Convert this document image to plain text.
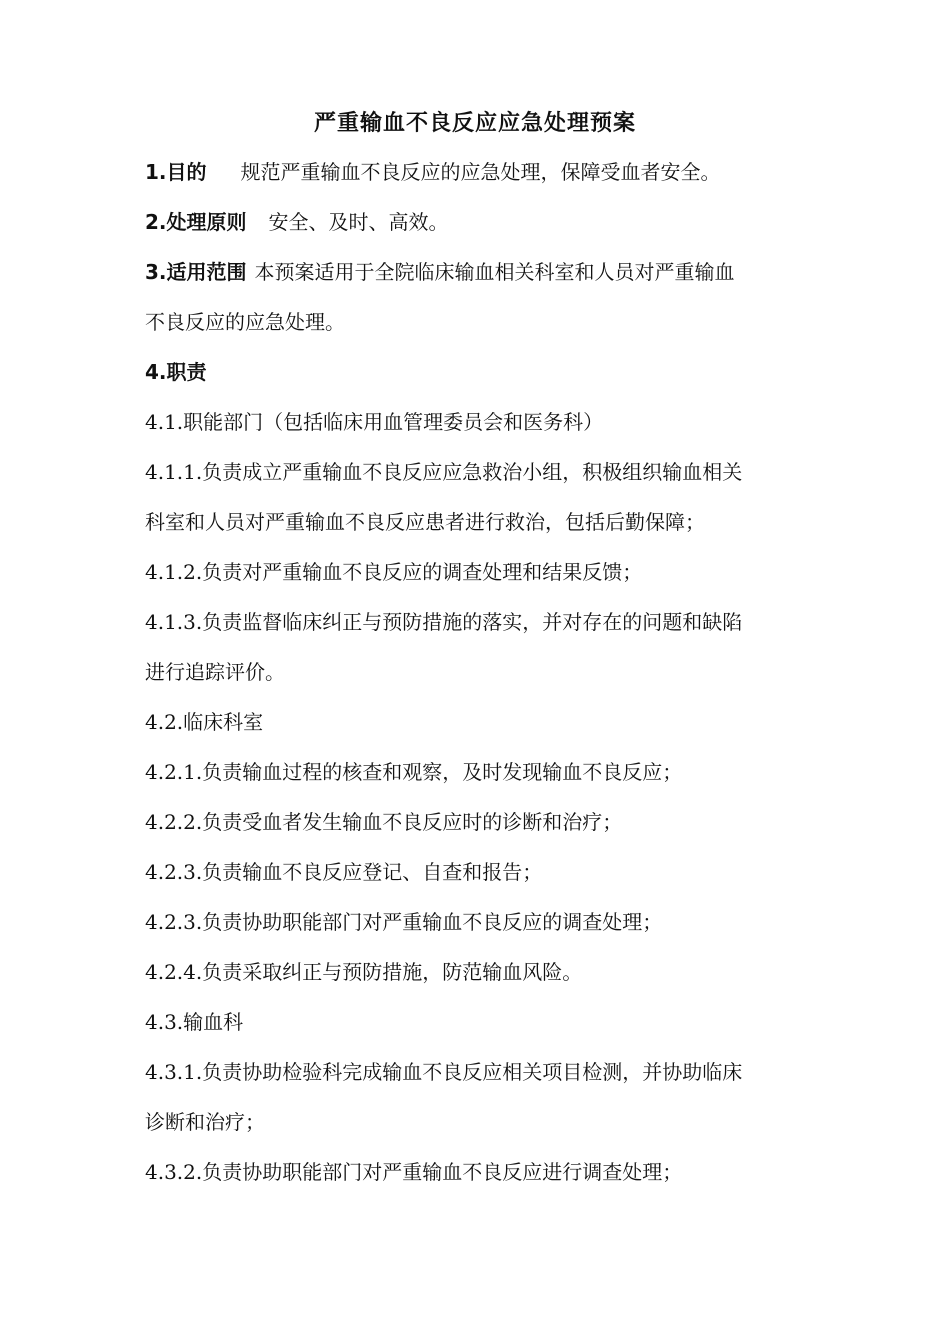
严重输血不良反应应急处理预案
1.目的 规范严重输血不良反应的应急处理，保障受血者安全。
2.处理原则 安全、及时、高效。
3.适用范围 本预案适用于全院临床输血相关科室和人员对严重输血
不良反应的应急处理。
4.职责
4.1.职能部门（包括临床用血管理委员会和医务科）
4.1.1.负责成立严重输血不良反应应急救治小组，积极组织输血相关
科室和人员对严重输血不良反应患者进行救治，包括后勤保障；
4.1.2.负责对严重输血不良反应的调查处理和结果反馈；
4.1.3.负责监督临床纠正与预防措施的落实，并对存在的问题和缺陷
进行追踪评价。
4.2.临床科室
4.2.1.负责输血过程的核查和观察，及时发现输血不良反应；
4.2.2.负责受血者发生输血不良反应时的诊断和治疗；
4.2.3.负责输血不良反应登记、自查和报告；
4.2.3.负责协助职能部门对严重输血不良反应的调查处理；
4.2.4.负责采取纠正与预防措施，防范输血风险。
4.3.输血科
4.3.1.负责协助检验科完成输血不良反应相关项目检测，并协助临床
诊断和治疗；
4.3.2.负责协助职能部门对严重输血不良反应进行调查处理；
